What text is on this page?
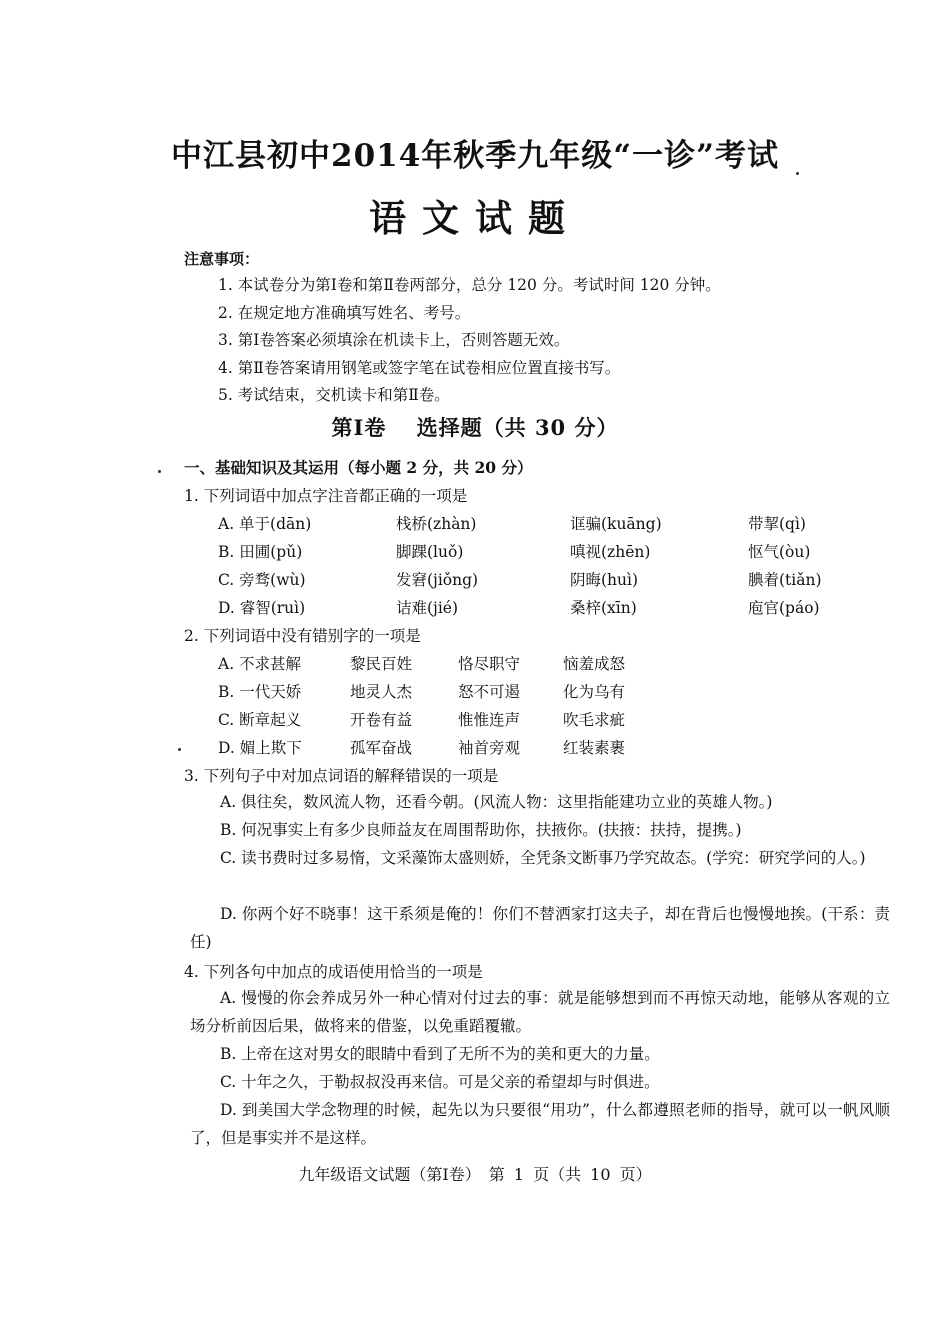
中江县初中2014年秋季九年级“一诊”考试
语文试题
注意事项：
1. 本试卷分为第Ⅰ卷和第Ⅱ卷两部分，总分 120 分。考试时间 120 分钟。
2. 在规定地方准确填写姓名、考号。
3. 第Ⅰ卷答案必须填涂在机读卡上，否则答题无效。
4. 第Ⅱ卷答案请用钢笔或签字笔在试卷相应位置直接书写。
5. 考试结束，交机读卡和第Ⅱ卷。
第Ⅰ卷　 选择题（共 30 分）
一、基础知识及其运用（每小题 2 分，共 20 分）
1. 下列词语中加点字注音都正确的一项是
A. 单于(dān)	栈桥(zhàn)	诓骗(kuāng)	带挈(qì)
B. 田圃(pǔ)	脚踝(luǒ)	嗔视(zhēn)	怄气(òu)
C. 旁骛(wù)	发窘(jiǒng)	阴晦(huì)	腆着(tiǎn)
D. 睿智(ruì)	诘难(jié)	桑梓(xīn)	庖官(páo)
2. 下列词语中没有错别字的一项是
A. 不求甚解	黎民百姓	恪尽职守	恼羞成怒
B. 一代天娇	地灵人杰	怒不可遏	化为乌有
C. 断章起义	开卷有益	惟惟连声	吹毛求疵
D. 媚上欺下	孤军奋战	袖首旁观	红装素裹
3. 下列句子中对加点词语的解释错误的一项是
A. 俱往矣，数风流人物，还看今朝。(风流人物：这里指能建功立业的英雄人物。)
B. 何况事实上有多少良师益友在周围帮助你，扶掖你。(扶掖：扶持，提携。)
C. 读书费时过多易惰，文采藻饰太盛则娇，全凭条文断事乃学究故态。(学究：研究学问的人。)
D. 你两个好不晓事！这干系须是俺的！你们不替洒家打这夫子，却在背后也慢慢地挨。(干系：责任)
4. 下列各句中加点的成语使用恰当的一项是
A. 慢慢的你会养成另外一种心情对付过去的事：就是能够想到而不再惊天动地，能够从客观的立场分析前因后果，做将来的借鉴，以免重蹈覆辙。
B. 上帝在这对男女的眼睛中看到了无所不为的美和更大的力量。
C. 十年之久，于勒叔叔没再来信。可是父亲的希望却与时俱进。
D. 到美国大学念物理的时候，起先以为只要很“用功”，什么都遵照老师的指导，就可以一帆风顺了，但是事实并不是这样。
九年级语文试题（第Ⅰ卷）　第 1 页（共 10 页）
